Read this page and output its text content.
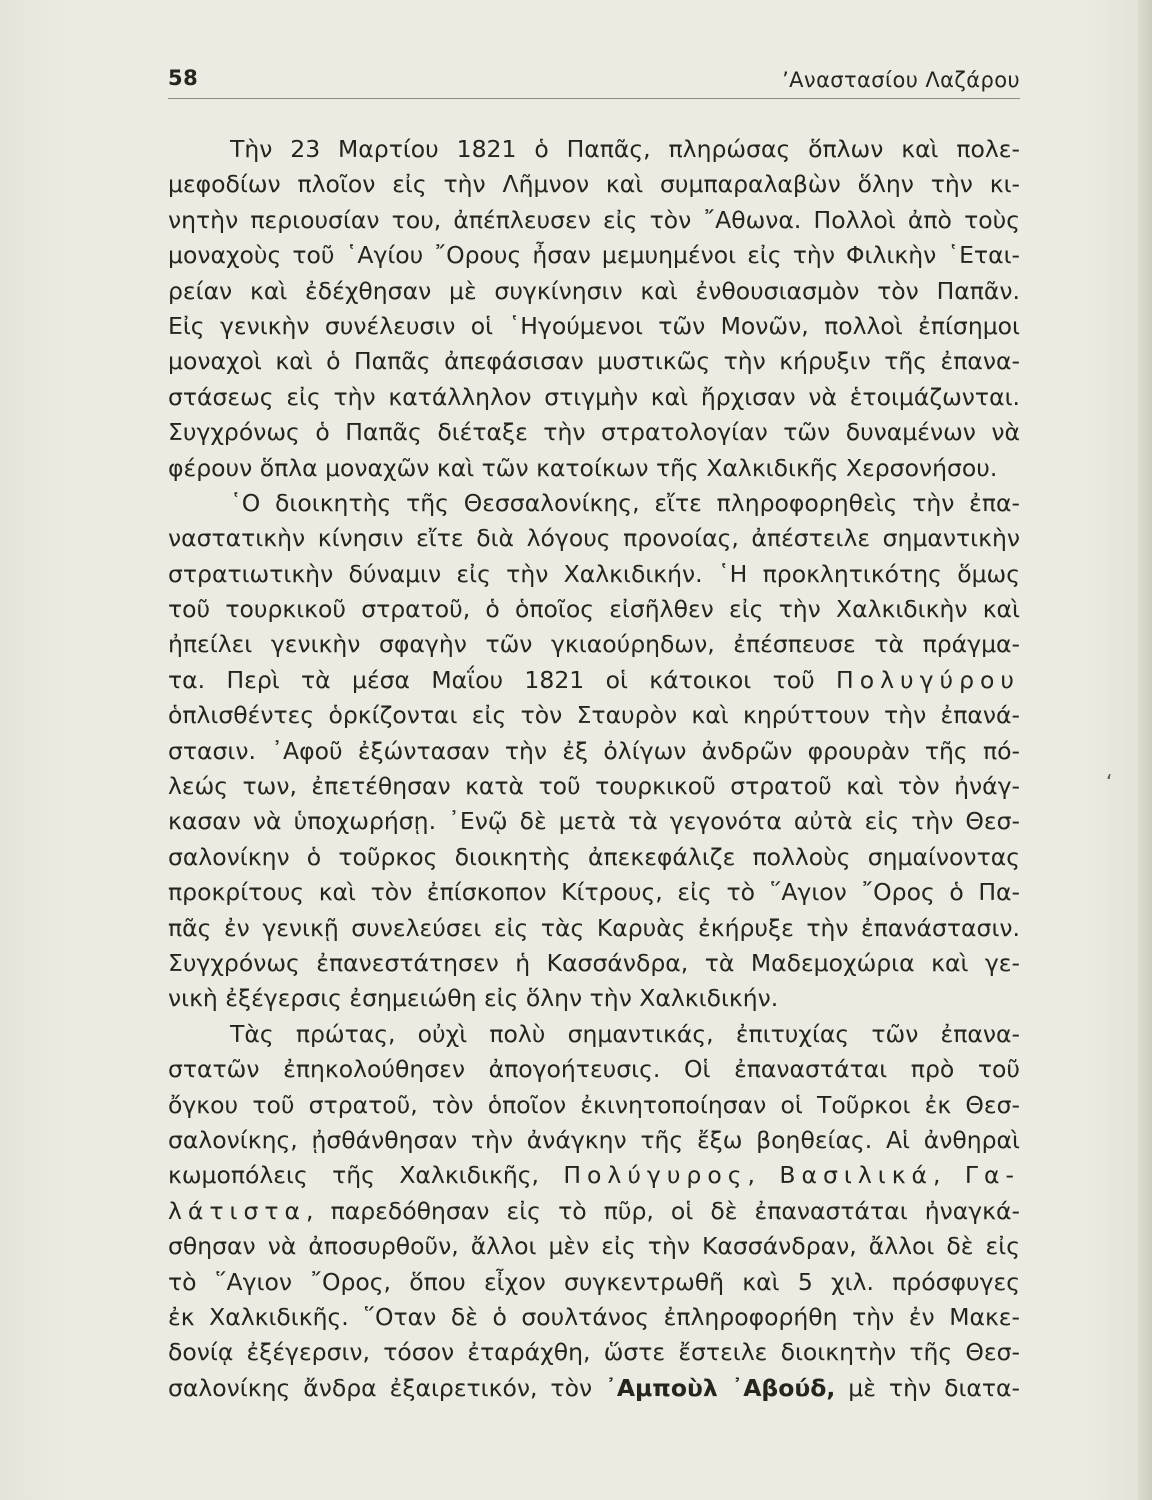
58	’Αναστασίου Λαζάρου
‘
Τὴν 23 Μαρτίου 1821 ὁ Παπᾶς, πληρώσας ὅπλων καὶ πολε-
μεφοδίων πλοῖον εἰς τὴν Λῆμνον καὶ συμπαραλαβὼν ὅλην τὴν κι-
νητὴν περιουσίαν του, ἀπέπλευσεν εἰς τὸν ῎Αθωνα. Πολλοὶ ἀπὸ τοὺς
μοναχοὺς τοῦ ῾Αγίου ῎Ορους ἦσαν μεμυημένοι εἰς τὴν Φιλικὴν ῾Εται-
ρείαν καὶ ἐδέχθησαν μὲ συγκίνησιν καὶ ἐνθουσιασμὸν τὸν Παπᾶν.
Εἰς γενικὴν συνέλευσιν οἱ ῾Ηγούμενοι τῶν Μονῶν, πολλοὶ ἐπίσημοι
μοναχοὶ καὶ ὁ Παπᾶς ἀπεφάσισαν μυστικῶς τὴν κήρυξιν τῆς ἐπανα-
στάσεως εἰς τὴν κατάλληλον στιγμὴν καὶ ἤρχισαν νὰ ἑτοιμάζωνται.
Συγχρόνως ὁ Παπᾶς διέταξε τὴν στρατολογίαν τῶν δυναμένων νὰ
φέρουν ὅπλα μοναχῶν καὶ τῶν κατοίκων τῆς Χαλκιδικῆς Χερσονήσου.
῾Ο διοικητὴς τῆς Θεσσαλονίκης, εἴτε πληροφορηθεὶς τὴν ἐπα-
ναστατικὴν κίνησιν εἴτε διὰ λόγους προνοίας, ἀπέστειλε σημαντικὴν
στρατιωτικὴν δύναμιν εἰς τὴν Χαλκιδικήν. ῾Η προκλητικότης ὅμως
τοῦ τουρκικοῦ στρατοῦ, ὁ ὁποῖος εἰσῆλθεν εἰς τὴν Χαλκιδικὴν καὶ
ἠπείλει γενικὴν σφαγὴν τῶν γκιαούρηδων, ἐπέσπευσε τὰ πράγμα-
τα. Περὶ τὰ μέσα Μαΐου 1821 οἱ κάτοικοι τοῦ Πολυγύρου
ὁπλισθέντες ὁρκίζονται εἰς τὸν Σταυρὸν καὶ κηρύττουν τὴν ἐπανά-
στασιν. ᾿Αφοῦ ἐξώντασαν τὴν ἐξ ὀλίγων ἀνδρῶν φρουρὰν τῆς πό-
λεώς των, ἐπετέθησαν κατὰ τοῦ τουρκικοῦ στρατοῦ καὶ τὸν ἠνάγ-
κασαν νὰ ὑποχωρήσῃ. ᾿Ενῷ δὲ μετὰ τὰ γεγονότα αὐτὰ εἰς τὴν Θεσ-
σαλονίκην ὁ τοῦρκος διοικητὴς ἀπεκεφάλιζε πολλοὺς σημαίνοντας
προκρίτους καὶ τὸν ἐπίσκοπον Κίτρους, εἰς τὸ ῞Αγιον ῎Ορος ὁ Πα-
πᾶς ἐν γενικῇ συνελεύσει εἰς τὰς Καρυὰς ἐκήρυξε τὴν ἐπανάστασιν.
Συγχρόνως ἐπανεστάτησεν ἡ Κασσάνδρα, τὰ Μαδεμοχώρια καὶ γε-
νικὴ ἐξέγερσις ἐσημειώθη εἰς ὅλην τὴν Χαλκιδικήν.
Τὰς πρώτας, οὐχὶ πολὺ σημαντικάς, ἐπιτυχίας τῶν ἐπανα-
στατῶν ἐπηκολούθησεν ἀπογοήτευσις. Οἱ ἐπαναστάται πρὸ τοῦ
ὄγκου τοῦ στρατοῦ, τὸν ὁποῖον ἐκινητοποίησαν οἱ Τοῦρκοι ἐκ Θεσ-
σαλονίκης, ᾐσθάνθησαν τὴν ἀνάγκην τῆς ἔξω βοηθείας. Αἱ ἀνθηραὶ
κωμοπόλεις τῆς Χαλκιδικῆς, Πολύγυρος, Βασιλικά, Γα-
λάτιστα, παρεδόθησαν εἰς τὸ πῦρ, οἱ δὲ ἐπαναστάται ἠναγκά-
σθησαν νὰ ἀποσυρθοῦν, ἄλλοι μὲν εἰς τὴν Κασσάνδραν, ἄλλοι δὲ εἰς
τὸ ῞Αγιον ῎Ορος, ὅπου εἶχον συγκεντρωθῆ καὶ 5 χιλ. πρόσφυγες
ἐκ Χαλκιδικῆς. ῞Οταν δὲ ὁ σουλτάνος ἐπληροφορήθη τὴν ἐν Μακε-
δονίᾳ ἐξέγερσιν, τόσον ἐταράχθη, ὥστε ἔστειλε διοικητὴν τῆς Θεσ-
σαλονίκης ἄνδρα ἐξαιρετικόν, τὸν ᾿Αμποὺλ ᾿Αβούδ, μὲ τὴν διατα-
